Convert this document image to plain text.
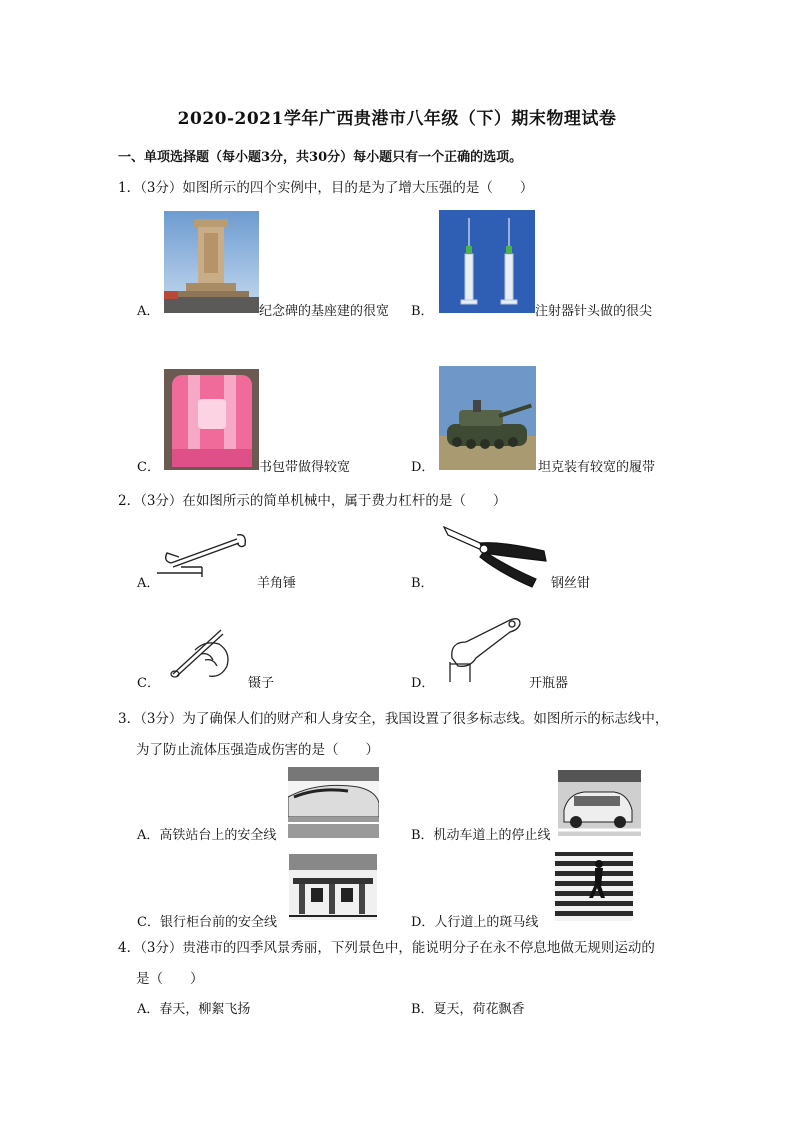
2020-2021学年广西贵港市八年级（下）期末物理试卷
一、单项选择题（每小题3分，共30分）每小题只有一个正确的选项。
1．（3分）如图所示的四个实例中，目的是为了增大压强的是（　　）
A．	纪念碑的基座建的很宽 B．	注射器针头做的很尖
C．	书包带做得较宽	D．	坦克装有较宽的履带
2．（3分）在如图所示的简单机械中，属于费力杠杆的是（　　）
A．	羊角锤	B．	钢丝钳
C．	镊子	D．	开瓶器
3．（3分）为了确保人们的财产和人身安全，我国设置了很多标志线。如图所示的标志线中，
为了防止流体压强造成伤害的是（　　）
A．高铁站台上的安全线	B．机动车道上的停止线
C．银行柜台前的安全线	D．人行道上的斑马线
4．（3分）贵港市的四季风景秀丽，下列景色中，能说明分子在永不停息地做无规则运动的
是（　　）
A．春天，柳絮飞扬	B．夏天，荷花飘香
